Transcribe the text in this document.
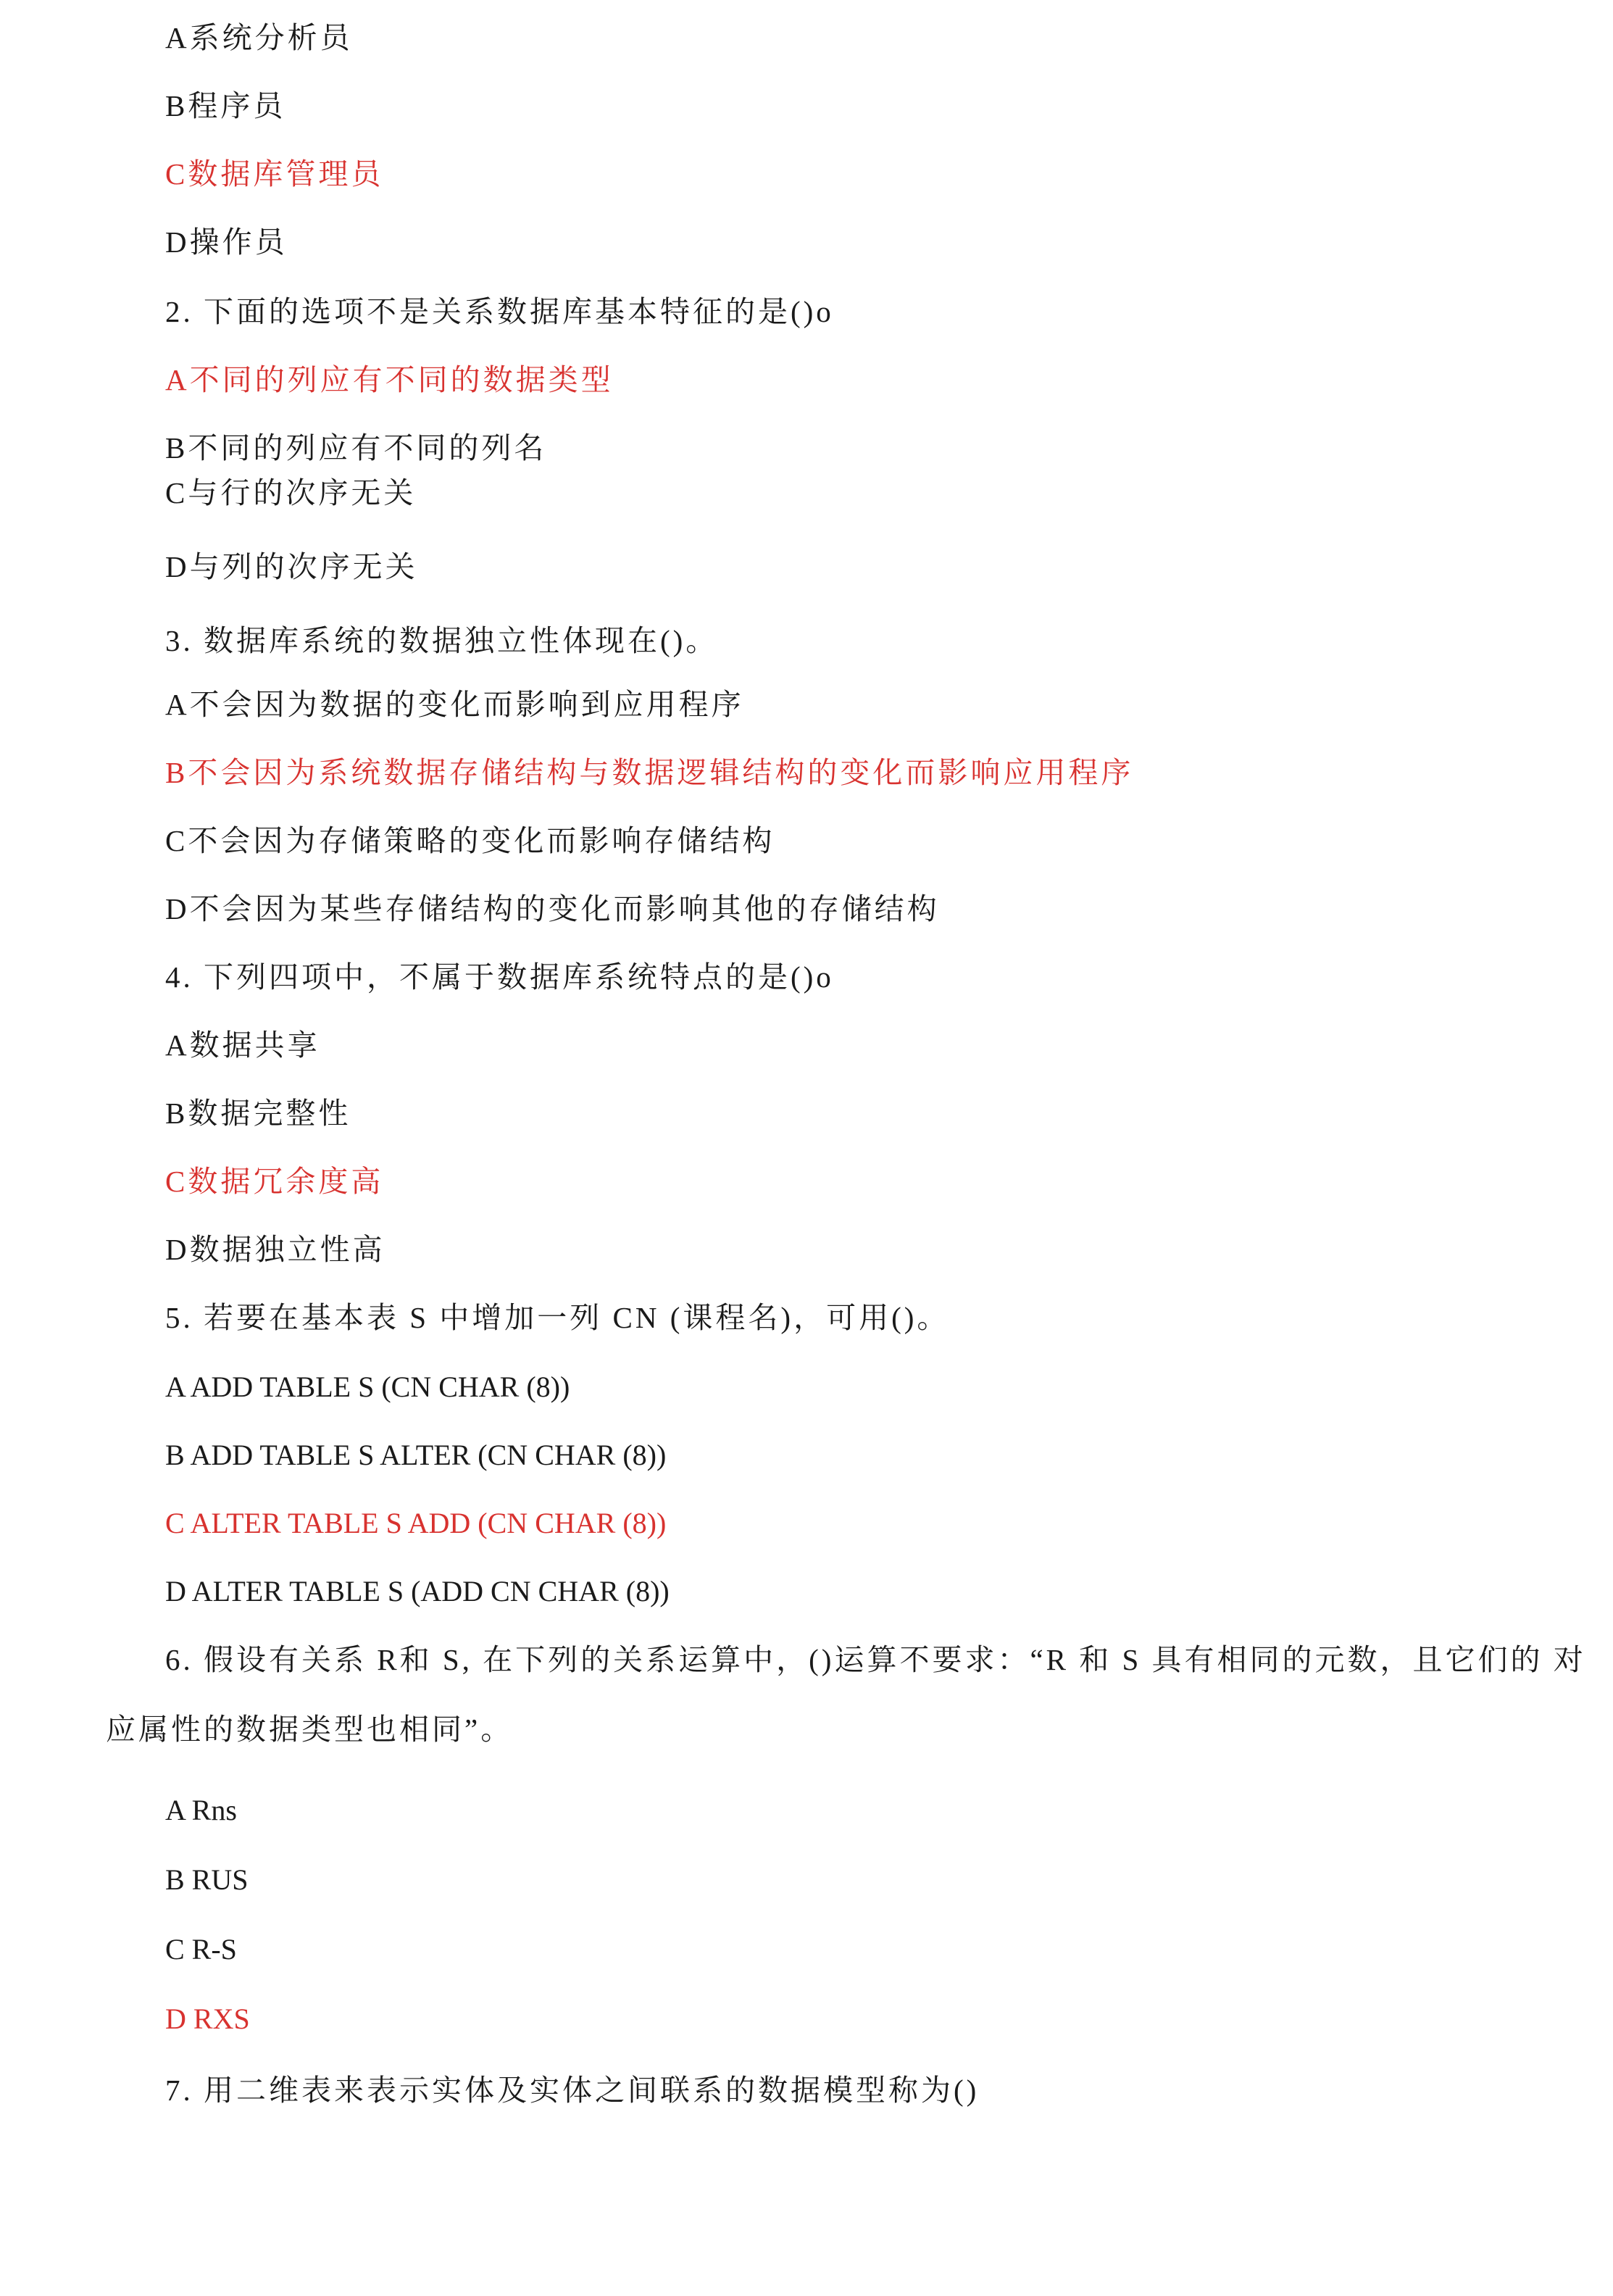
A系统分析员
B程序员
C数据库管理员
D操作员
2. 下面的选项不是关系数据库基本特征的是()o
A不同的列应有不同的数据类型
B不同的列应有不同的列名
C与行的次序无关
D与列的次序无关
3. 数据库系统的数据独立性体现在()。
A不会因为数据的变化而影响到应用程序
B不会因为系统数据存储结构与数据逻辑结构的变化而影响应用程序
C不会因为存储策略的变化而影响存储结构
D不会因为某些存储结构的变化而影响其他的存储结构
4. 下列四项中，不属于数据库系统特点的是()o
A数据共享
B数据完整性
C数据冗余度高
D数据独立性高
5. 若要在基本表 S 中增加一列 CN (课程名)，可用()。
A ADD TABLE S (CN CHAR (8))
B ADD TABLE S ALTER (CN CHAR (8))
C ALTER TABLE S ADD (CN CHAR (8))
D ALTER TABLE S (ADD CN CHAR (8))
6. 假设有关系 R和 S, 在下列的关系运算中，()运算不要求：“R 和 S 具有相同的元数，且它们的 对
应属性的数据类型也相同”。
A Rns
B RUS
C R-S
D RXS
7. 用二维表来表示实体及实体之间联系的数据模型称为()
